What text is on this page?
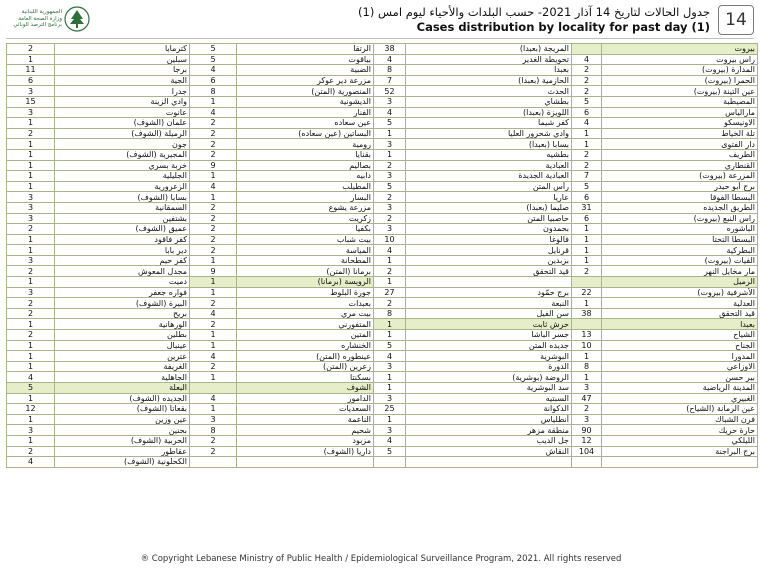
الجمهورية اللبنانية وزارة الصحة العامة برنامج الترصد الوبائي
جدول الحالات لتاريخ 14 آذار 2021- حسب البلدات والأحياء ليوم امس (1)
Cases distribution by locality for past day (1) 14
بيروت		المريجة (بعبدا)	38	الرتقا	5	كترمايا	2
راس بيروت	4	تحويطة الغدير	4	بياقوت	5	سبلين	1
المدارة (بيروت)	2	بعبدا	8	الضبية	4	برجا	11
الحمرا (بيروت)	2	الحازمية (بعبدا)	7	مزرعة دير عوكر	6	الجية	6
عين التينة (بيروت)	2	الحدث	52	المنصورية (المتن)	8	جدرا	3
المصيطبة	5	بطشاي	3	الديشونية	1	وادي الزينة	15
مارالياس	6	اللويزة (بعبدا)	4	الفنار	4	عانوت	3
الاونيسكو	4	كفر شيما	5	عين سعاده	2	علمان (الشوف)	1
تلة الخياط	1	وادي شحرور العليا	1	البساتين (عين سعاده)	2	الرميلة (الشوف)	2
دار الفتوى	1	بسابا (بعبدا)	3	رومية	2	جون	1
الطريف	2	بطشيه	1	بقنايا	2	المجيرية (الشوف)	1
القنطاري	2	العبادية	2	بصاليم	9	خربة بسري	1
المزرعة (بيروت)	7	العبادية الجديدة	3	دابيه	1	الجليلية	1
برج أبو حيدر	5	رأس المتن	5	المطيلب	4	الزعرورية	1
البسطا الفوقا	6	عاريا	2	البسار	1	بسابا (الشوف)	3
الطريق الجديده	31	صليما (بعبدا)	3	مزرعة يشوع	2	السمقانية	3
راس النبع (بيروت)	6	حاصبيا المتن	2	زكريت	2	بشتفين	3
الباشوره	1	بحمدون	3	بكفيا	2	عميق (الشوف)	2
البسطا التحتا	1	فالوغا	10	بيت شباب	2	كفر فاقود	1
البطركية	1	قرنايل	4	المياسة	2	دير بابا	1
الفيات (بيروت)	1	بزبدين	1	المطحانة	1	كفر حيم	3
مار مخايل النهر	2	قيد التحقق	2	برمانا (المتن)	9	مجدل المعوش	2
الرميل			1	الرويسة (برمانا)	1	دميت	1
الأشرفية (بيروت)	22	برج حمّود	27	جورة البلوط	1	فواره جعفر	3
العدلية	1	النبعة	2	بعبدات	2	البيرة (الشوف)	2
قيد التحقق	38	سن الفيل	8	بيت مري	4	بريح	2
بعبدا		حرش ثابت	1	المتفورني	2	الورهانية	1
الشياح	13	جسر الباشا	1	المتين	1	بطلين	2
الجناح	10	جديده المتن	5	الخنشاره	1	عينبال	1
المدورا	1	البوشرية	4	عينطوره (المتن)	4	عترين	1
الاوزاعي	8	الدورة	3	زعرين (المتن)	2	الغريفة	1
بير حسن	1	الروضة (بوشرية)	1	بسكنتا	1	الجاهلية	4
المدينة الرياضية	3	سد البوشرية	1	الشوف		البعلة	5
الغبيري	47	السبتيه	3	الدامور	4	الجديده (الشوف)	1
عين الرمانة (الشياح)	2	الدكوانة	25	السعديات	1	بقعاتا (الشوف)	12
فرن الشباك	3	أنطلياس	1	الناعمة	3	عين وزين	1
حارة حريك	90	منطقة مزهر	3	شحيم	8	بحنين	3
الليلكي	12	جل الديب	4	مزبود	2	الحربية (الشوف)	1
برج البراجنة	104	النقاش	5	داريا (الشوف)	2	عقاطور	2
						الكحلونية (الشوف)	4
® Copyright Lebanese Ministry of Public Health / Epidemiological Surveillance Program, 2021. All rights reserved
